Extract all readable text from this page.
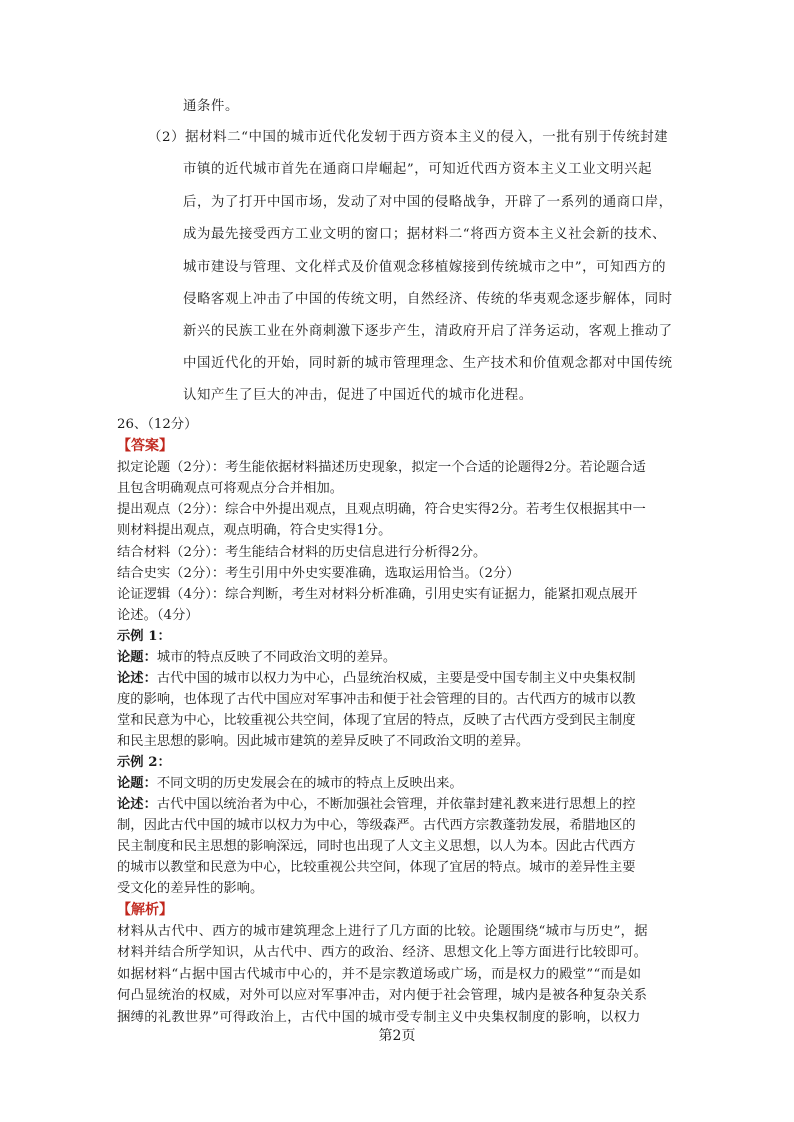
通条件。
（2）据材料二“中国的城市近代化发轫于西方资本主义的侵入，一批有别于传统封建
市镇的近代城市首先在通商口岸崛起”，可知近代西方资本主义工业文明兴起
后，为了打开中国市场，发动了对中国的侵略战争，开辟了一系列的通商口岸，
成为最先接受西方工业文明的窗口；据材料二“将西方资本主义社会新的技术、
城市建设与管理、文化样式及价值观念移植嫁接到传统城市之中”，可知西方的
侵略客观上冲击了中国的传统文明，自然经济、传统的华夷观念逐步解体，同时
新兴的民族工业在外商刺激下逐步产生，清政府开启了洋务运动，客观上推动了
中国近代化的开始，同时新的城市管理理念、生产技术和价值观念都对中国传统
认知产生了巨大的冲击，促进了中国近代的城市化进程。
26、（12分）
【答案】
拟定论题（2分）：考生能依据材料描述历史现象，拟定一个合适的论题得2分。若论题合适
且包含明确观点可将观点分合并相加。
提出观点（2分）：综合中外提出观点，且观点明确，符合史实得2分。若考生仅根据其中一
则材料提出观点，观点明确，符合史实得1分。
结合材料（2分）：考生能结合材料的历史信息进行分析得2分。
结合史实（2分）：考生引用中外史实要准确，选取运用恰当。（2分）
论证逻辑（4分）：综合判断，考生对材料分析准确，引用史实有证据力，能紧扣观点展开
论述。（4分）
示例 1：
论题：城市的特点反映了不同政治文明的差异。
论述：古代中国的城市以权力为中心，凸显统治权威，主要是受中国专制主义中央集权制
度的影响，也体现了古代中国应对军事冲击和便于社会管理的目的。古代西方的城市以教
堂和民意为中心，比较重视公共空间，体现了宜居的特点，反映了古代西方受到民主制度
和民主思想的影响。因此城市建筑的差异反映了不同政治文明的差异。
示例 2：
论题：不同文明的历史发展会在的城市的特点上反映出来。
论述：古代中国以统治者为中心，不断加强社会管理，并依靠封建礼教来进行思想上的控
制，因此古代中国的城市以权力为中心，等级森严。古代西方宗教蓬勃发展，希腊地区的
民主制度和民主思想的影响深远，同时也出现了人文主义思想，以人为本。因此古代西方
的城市以教堂和民意为中心，比较重视公共空间，体现了宜居的特点。城市的差异性主要
受文化的差异性的影响。
【解析】
材料从古代中、西方的城市建筑理念上进行了几方面的比较。论题围绕“城市与历史”，据
材料并结合所学知识，从古代中、西方的政治、经济、思想文化上等方面进行比较即可。
如据材料“占据中国古代城市中心的，并不是宗教道场或广场，而是权力的殿堂”“而是如
何凸显统治的权威，对外可以应对军事冲击，对内便于社会管理，城内是被各种复杂关系
捆缚的礼教世界”可得政治上，古代中国的城市受专制主义中央集权制度的影响，以权力
第2页
